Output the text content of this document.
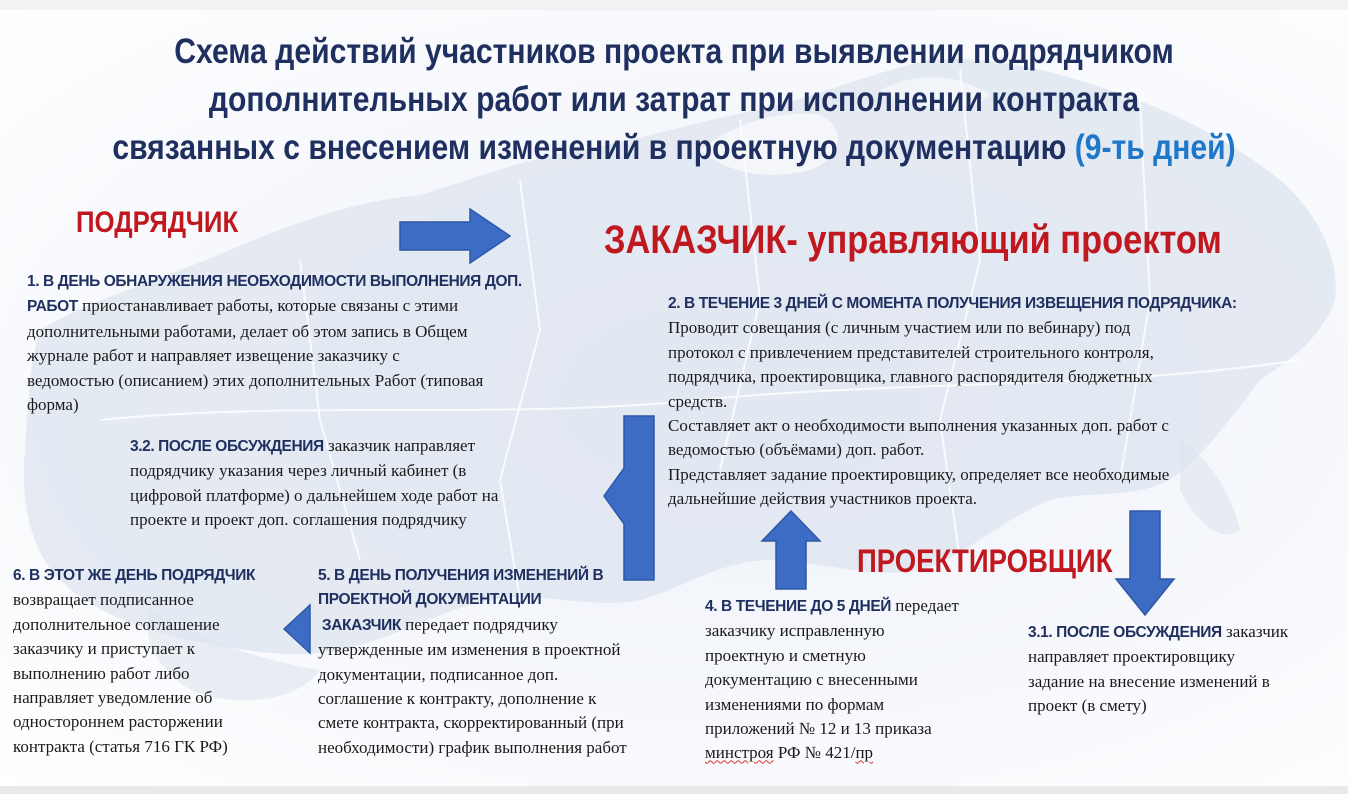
Схема действий участников проекта при выявлении подрядчиком
дополнительных работ или затрат при исполнении контракта
связанных с внесением изменений в проектную документацию (9-ть дней)
ПОДРЯДЧИК	ЗАКАЗЧИК- управляющий проектом
ПРОЕКТИРОВЩИК
1. В ДЕНЬ ОБНАРУЖЕНИЯ НЕОБХОДИМОСТИ ВЫПОЛНЕНИЯ ДОП.
РАБОТ приостанавливает работы, которые связаны с этими
дополнительными работами, делает об этом запись в Общем
журнале работ и направляет извещение заказчику с
ведомостью (описанием) этих дополнительных Работ (типовая
форма)
2. В ТЕЧЕНИЕ 3 ДНЕЙ С МОМЕНТА ПОЛУЧЕНИЯ ИЗВЕЩЕНИЯ ПОДРЯДЧИКА:
Проводит совещания (с личным участием или по вебинару) под
протокол с привлечением представителей строительного контроля,
подрядчика, проектировщика, главного распорядителя бюджетных
средств.
Составляет акт о необходимости выполнения указанных доп. работ с
ведомостью (объёмами) доп. работ.
Представляет задание проектировщику, определяет все необходимые
дальнейшие действия участников проекта.
3.2. ПОСЛЕ ОБСУЖДЕНИЯ заказчик направляет
подрядчику указания через личный кабинет (в
цифровой платформе) о дальнейшем ходе работ на
проекте и проект доп. соглашения подрядчику
6. В ЭТОТ ЖЕ ДЕНЬ ПОДРЯДЧИК
возвращает подписанное
дополнительное соглашение
заказчику и приступает к
выполнению работ либо
направляет уведомление об
одностороннем расторжении
контракта (статья 716 ГК РФ)
5. В ДЕНЬ ПОЛУЧЕНИЯ ИЗМЕНЕНИЙ В
ПРОЕКТНОЙ ДОКУМЕНТАЦИИ
ЗАКАЗЧИК передает подрядчику
утвержденные им изменения в проектной
документации, подписанное доп.
соглашение к контракту, дополнение к
смете контракта, скорректированный (при
необходимости) график выполнения работ
4. В ТЕЧЕНИЕ ДО 5 ДНЕЙ передает
заказчику исправленную
проектную и сметную
документацию с внесенными
изменениями по формам
приложений № 12 и 13 приказа
минстроя РФ № 421/пр
3.1. ПОСЛЕ ОБСУЖДЕНИЯ заказчик
направляет проектировщику
задание на внесение изменений в
проект (в смету)
